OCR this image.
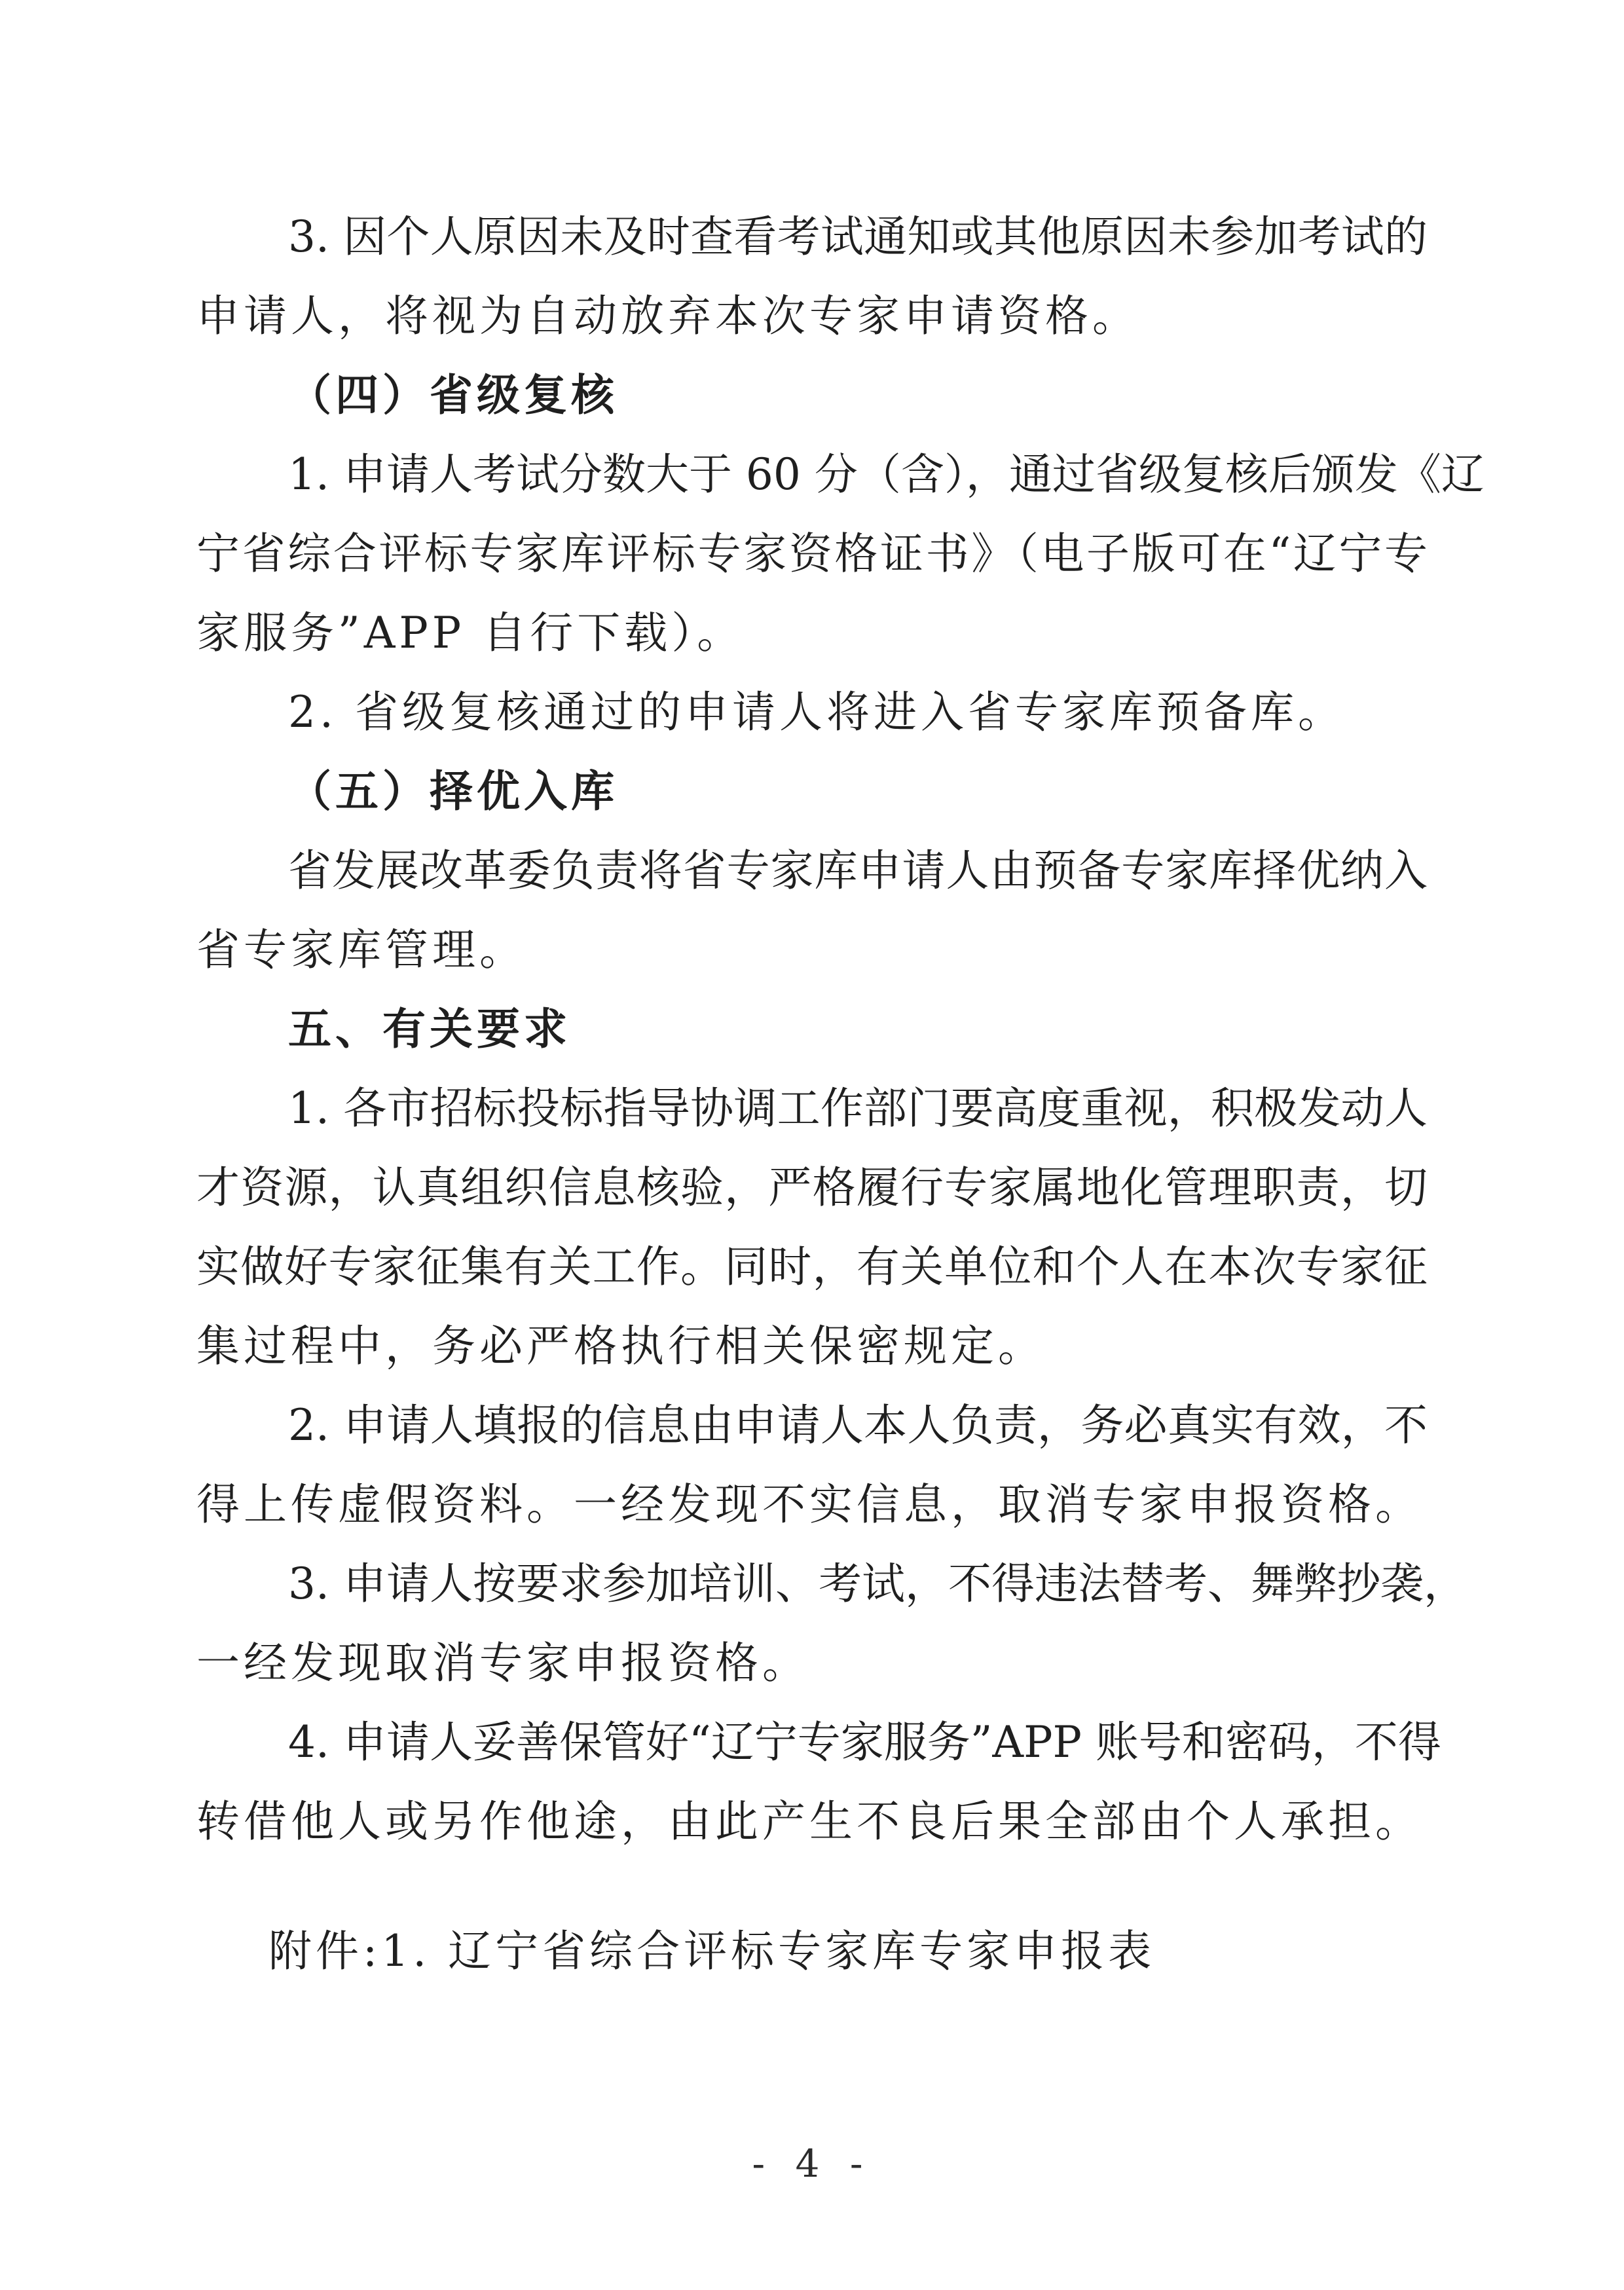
3. 因个人原因未及时查看考试通知或其他原因未参加考试的
申请人，将视为自动放弃本次专家申请资格。
（四）省级复核
1. 申请人考试分数大于 60 分（含），通过省级复核后颁发《辽
宁省综合评标专家库评标专家资格证书》（电子版可在“辽宁专
家服务”APP 自行下载）。
2. 省级复核通过的申请人将进入省专家库预备库。
（五）择优入库
省发展改革委负责将省专家库申请人由预备专家库择优纳入
省专家库管理。
五、有关要求
1. 各市招标投标指导协调工作部门要高度重视，积极发动人
才资源，认真组织信息核验，严格履行专家属地化管理职责，切
实做好专家征集有关工作。同时，有关单位和个人在本次专家征
集过程中，务必严格执行相关保密规定。
2. 申请人填报的信息由申请人本人负责，务必真实有效，不
得上传虚假资料。一经发现不实信息，取消专家申报资格。
3. 申请人按要求参加培训、考试，不得违法替考、舞弊抄袭，
一经发现取消专家申报资格。
4. 申请人妥善保管好“辽宁专家服务”APP 账号和密码，不得
转借他人或另作他途，由此产生不良后果全部由个人承担。
附件:1. 辽宁省综合评标专家库专家申报表
- 4 -
